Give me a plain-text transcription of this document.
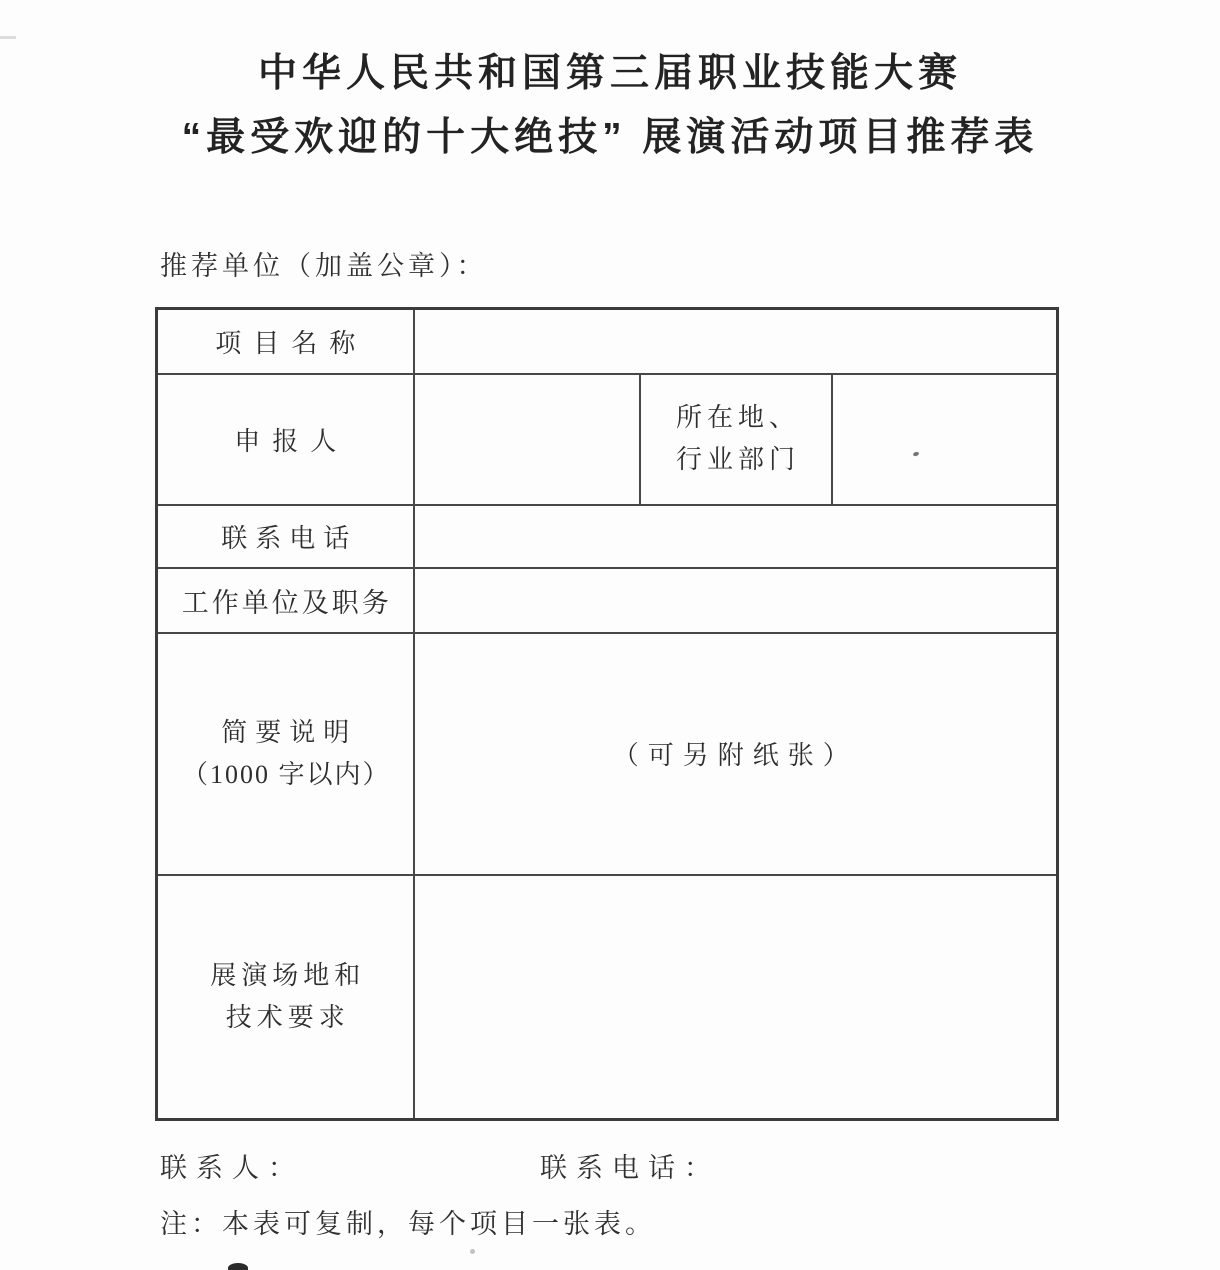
中华人民共和国第三届职业技能大赛
“最受欢迎的十大绝技” 展演活动项目推荐表
推荐单位（加盖公章）：
项目名称			
申报人		所在地、
行业部门	

联系电话			
工作单位及职务			

简要说明
（1000 字以内）	（可另附纸张）		

展演场地和
技术要求			

联系人：	联系电话：
注：本表可复制，每个项目一张表。
